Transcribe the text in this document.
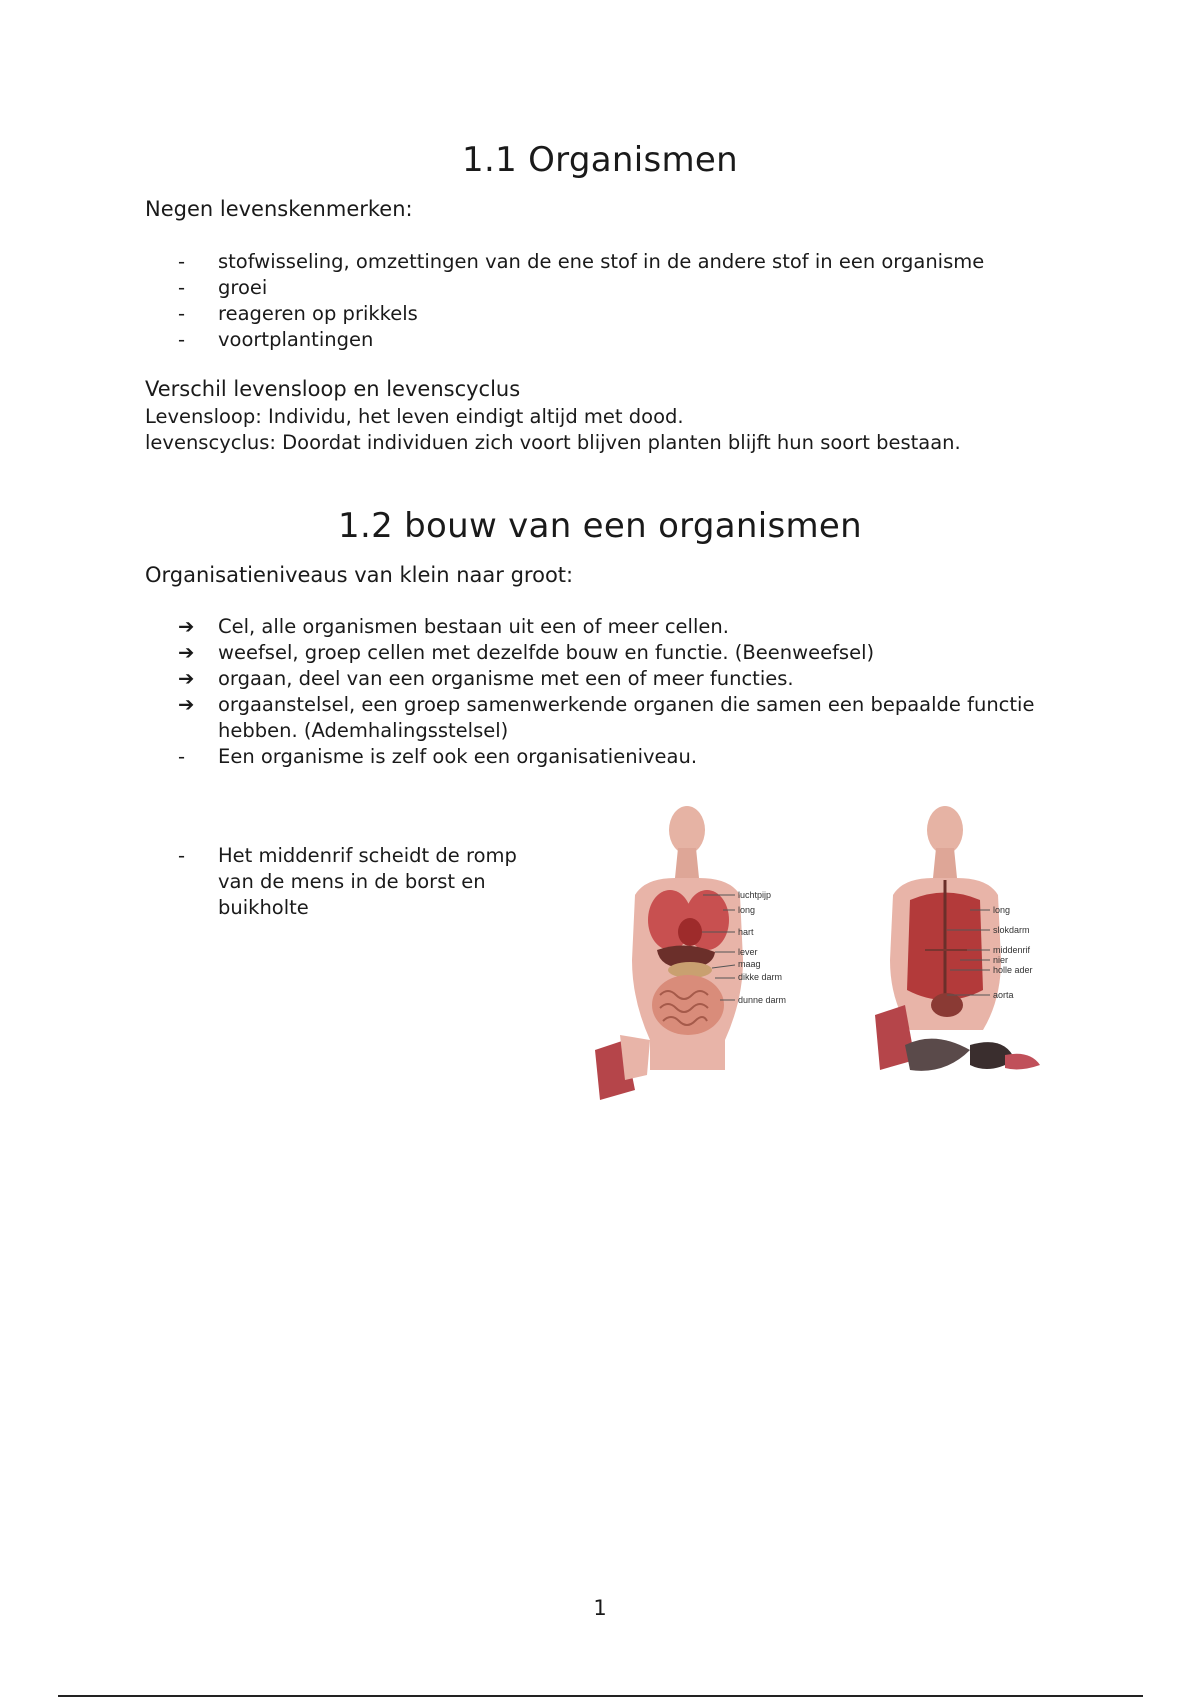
1.1 Organismen

Negen levenskenmerken:

-	stofwisseling, omzettingen van de ene stof in de andere stof in een organisme
-	groei
-	reageren op prikkels
-	voortplantingen

Verschil levensloop en levenscyclus

Levensloop: Individu, het leven eindigt altijd met dood.

levenscyclus: Doordat individuen zich voort blijven planten blijft hun soort bestaan.

1.2 bouw van een organismen

Organisatieniveaus van klein naar groot:

➔	Cel, alle organismen bestaan uit een of meer cellen.
➔	weefsel, groep cellen met dezelfde bouw en functie. (Beenweefsel)
➔	orgaan, deel van een organisme met een of meer functies.
➔	orgaanstelsel, een groep samenwerkende organen die samen een bepaalde functie hebben. (Ademhalingsstelsel)
-	Een organisme is zelf ook een organisatieniveau.
- Het middenrif scheidt de romp van de mens in de borst en buikholte
luchtpijp
long
hart
lever
maag
dikke darm
dunne darm
long
slokdarm
middenrif
nier
holle ader
aorta
1
